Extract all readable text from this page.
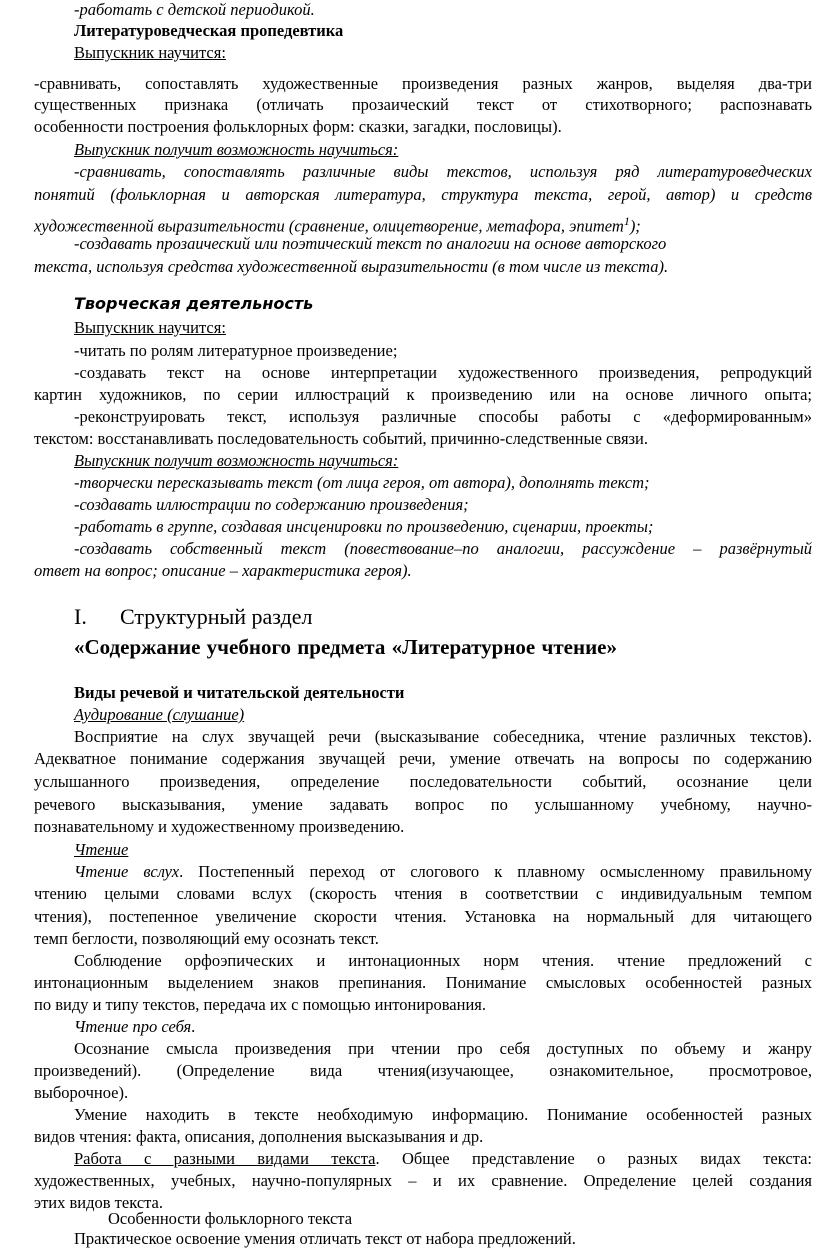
-работать с детской периодикой.
Литературоведческая пропедевтика
Выпускник научится:
-сравнивать, сопоставлять художественные произведения разных жанров, выделяя два-три
существенных признака (отличать прозаический текст от стихотворного; распознавать
особенности построения фольклорных форм: сказки, загадки, пословицы).
Выпускник получит возможность научиться:
-сравнивать, сопоставлять различные виды текстов, используя ряд литературоведческих
понятий (фольклорная и авторская литература, структура текста, герой, автор) и средств
художественной выразительности (сравнение, олицетворение, метафора, эпитет$^1$);
-создавать прозаический или поэтический текст по аналогии на основе авторского
текста, используя средства художественной выразительности (в том числе из текста).
Творческая деятельность
Выпускник научится:
-читать по ролям литературное произведение;
-создавать текст на основе интерпретации художественного произведения, репродукций
картин художников, по серии иллюстраций к произведению или на основе личного опыта;
-реконструировать текст, используя различные способы работы с «деформированным»
текстом: восстанавливать последовательность событий, причинно-следственные связи.
Выпускник получит возможность научиться:
-творчески пересказывать текст (от лица героя, от автора), дополнять текст;
-создавать иллюстрации по содержанию произведения;
-работать в группе, создавая инсценировки по произведению, сценарии, проекты;
-создавать собственный текст (повествование–по аналогии, рассуждение – развёрнутый
ответ на вопрос; описание – характеристика героя).
I. Структурный раздел
«Содержание учебного предмета «Литературное чтение»
Виды речевой и читательской деятельности
Аудирование (слушание)
Восприятие на слух звучащей речи (высказывание собеседника, чтение различных текстов).
Адекватное понимание содержания звучащей речи, умение отвечать на вопросы по содержанию
услышанного произведения, определение последовательности событий, осознание цели
речевого высказывания, умение задавать вопрос по услышанному учебному, научно-
познавательному и художественному произведению.
Чтение
Чтение вслух. Постепенный переход от слогового к плавному осмысленному правильному
чтению целыми словами вслух (скорость чтения в соответствии с индивидуальным темпом
чтения), постепенное увеличение скорости чтения. Установка на нормальный для читающего
темп беглости, позволяющий ему осознать текст.
Соблюдение орфоэпических и интонационных норм чтения. чтение предложений с
интонационным выделением знаков препинания. Понимание смысловых особенностей разных
по виду и типу текстов, передача их с помощью интонирования.
Чтение про себя.
Осознание смысла произведения при чтении про себя доступных по объему и жанру
произведений). (Определение вида чтения(изучающее, ознакомительное, просмотровое,
выборочное).
Умение находить в тексте необходимую информацию. Понимание особенностей разных
видов чтения: факта, описания, дополнения высказывания и др.
Работа с разными видами текста. Общее представление о разных видах текста:
художественных, учебных, научно-популярных – и их сравнение. Определение целей создания
этих видов текста.
Особенности фольклорного текста
Практическое освоение умения отличать текст от набора предложений.
